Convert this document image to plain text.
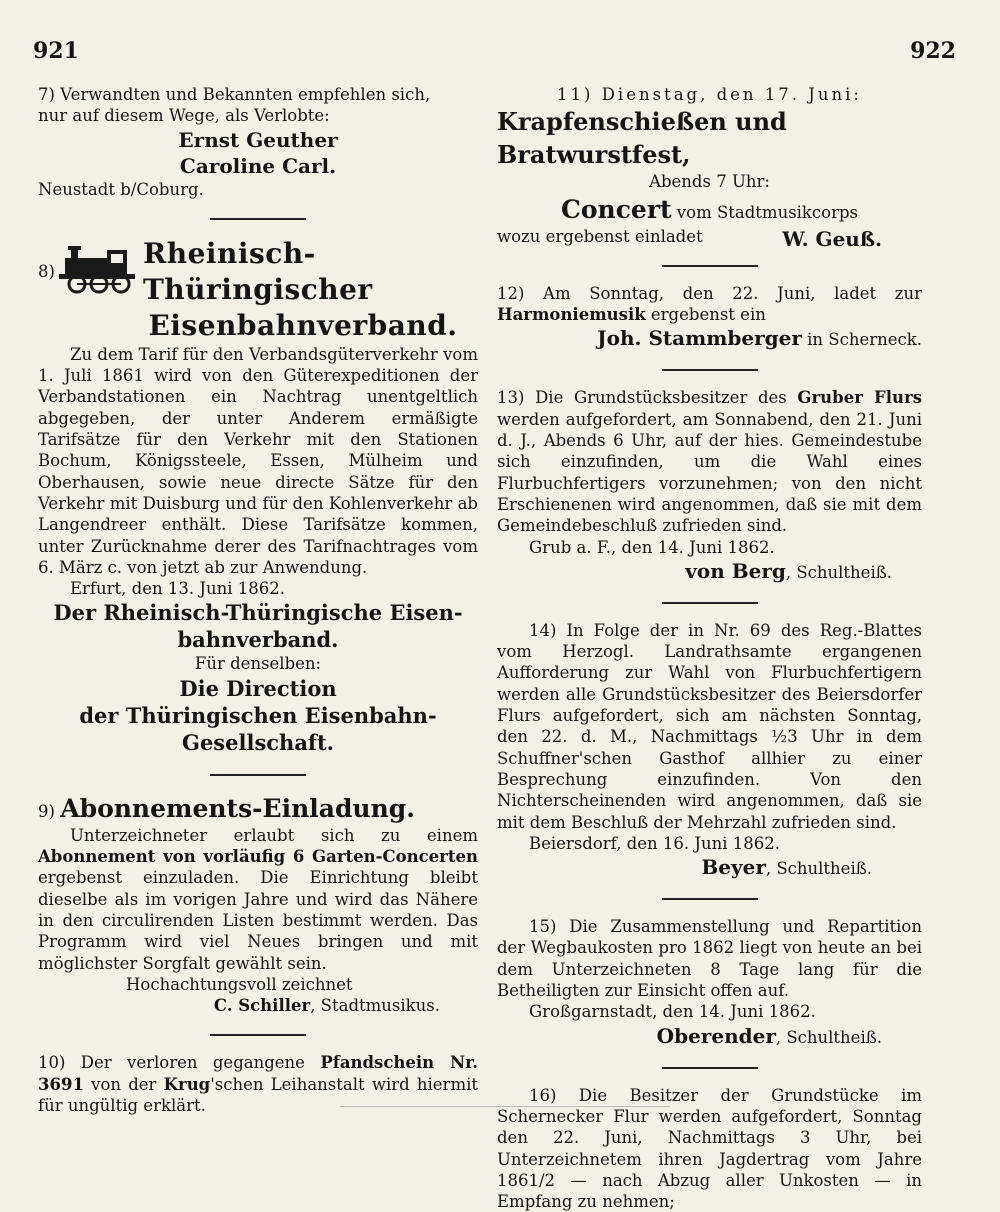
921	922

7) Verwandten und Bekannten empfehlen sich,

nur auf diesem Wege, als Verlobte:

Ernst Geuther

Caroline Carl.

Neustadt b/Coburg.

8)
Rheinisch-Thüringischer

Eisenbahnverband.

Zu dem Tarif für den Verbandsgüterverkehr vom 1. Juli 1861 wird von den Güterexpeditionen der Verbandstationen ein Nachtrag unentgeltlich abgegeben, der unter Anderem ermäßigte Tarifsätze für den Verkehr mit den Stationen Bochum, Königssteele, Essen, Mülheim und Oberhausen, sowie neue directe Sätze für den Verkehr mit Duisburg und für den Kohlenverkehr ab Langendreer enthält. Diese Tarifsätze kommen, unter Zurücknahme derer des Tarifnachtrages vom 6. März c. von jetzt ab zur Anwendung.

Erfurt, den 13. Juni 1862.

Der Rheinisch-Thüringische Eisen-

bahnverband.

Für denselben:

Die Direction

der Thüringischen Eisenbahn-

Gesellschaft.

9) Abonnements-Einladung.

Unterzeichneter erlaubt sich zu einem Abonnement von vorläufig 6 Garten-Concerten ergebenst einzuladen. Die Einrichtung bleibt dieselbe als im vorigen Jahre und wird das Nähere in den circulirenden Listen bestimmt werden. Das Programm wird viel Neues bringen und mit möglichster Sorgfalt gewählt sein.

Hochachtungsvoll zeichnet

C. Schiller, Stadtmusikus.

10) Der verloren gegangene Pfandschein Nr. 3691 von der Krug'schen Leihanstalt wird hiermit für ungültig erklärt.

11) Dienstag, den 17. Juni:

Krapfenschießen und Bratwurstfest,

Abends 7 Uhr:

Concert vom Stadtmusikcorps

wozu ergebenst einladet	W. Geuß.

12) Am Sonntag, den 22. Juni, ladet zur Harmoniemusik ergebenst ein

Joh. Stammberger in Scherneck.

13) Die Grundstücksbesitzer des Gruber Flurs werden aufgefordert, am Sonnabend, den 21. Juni d. J., Abends 6 Uhr, auf der hies. Gemeindestube sich einzufinden, um die Wahl eines Flurbuchfertigers vorzunehmen; von den nicht Erschienenen wird angenommen, daß sie mit dem Gemeindebeschluß zufrieden sind.

Grub a. F., den 14. Juni 1862.

von Berg, Schultheiß.

14) In Folge der in Nr. 69 des Reg.-Blattes vom Herzogl. Landrathsamte ergangenen Aufforderung zur Wahl von Flurbuchfertigern werden alle Grundstücksbesitzer des Beiersdorfer Flurs aufgefordert, sich am nächsten Sonntag, den 22. d. M., Nachmittags ½3 Uhr in dem Schuffner'schen Gasthof allhier zu einer Besprechung einzufinden. Von den Nichterscheinenden wird angenommen, daß sie mit dem Beschluß der Mehrzahl zufrieden sind.

Beiersdorf, den 16. Juni 1862.

Beyer, Schultheiß.

15) Die Zusammenstellung und Repartition der Wegbaukosten pro 1862 liegt von heute an bei dem Unterzeichneten 8 Tage lang für die Betheiligten zur Einsicht offen auf.

Großgarnstadt, den 14. Juni 1862.

Oberender, Schultheiß.

16) Die Besitzer der Grundstücke im Schernecker Flur werden aufgefordert, Sonntag den 22. Juni, Nachmittags 3 Uhr, bei Unterzeichnetem ihren Jagdertrag vom Jahre 1861/2 — nach Abzug aller Unkosten — in Empfang zu nehmen;
